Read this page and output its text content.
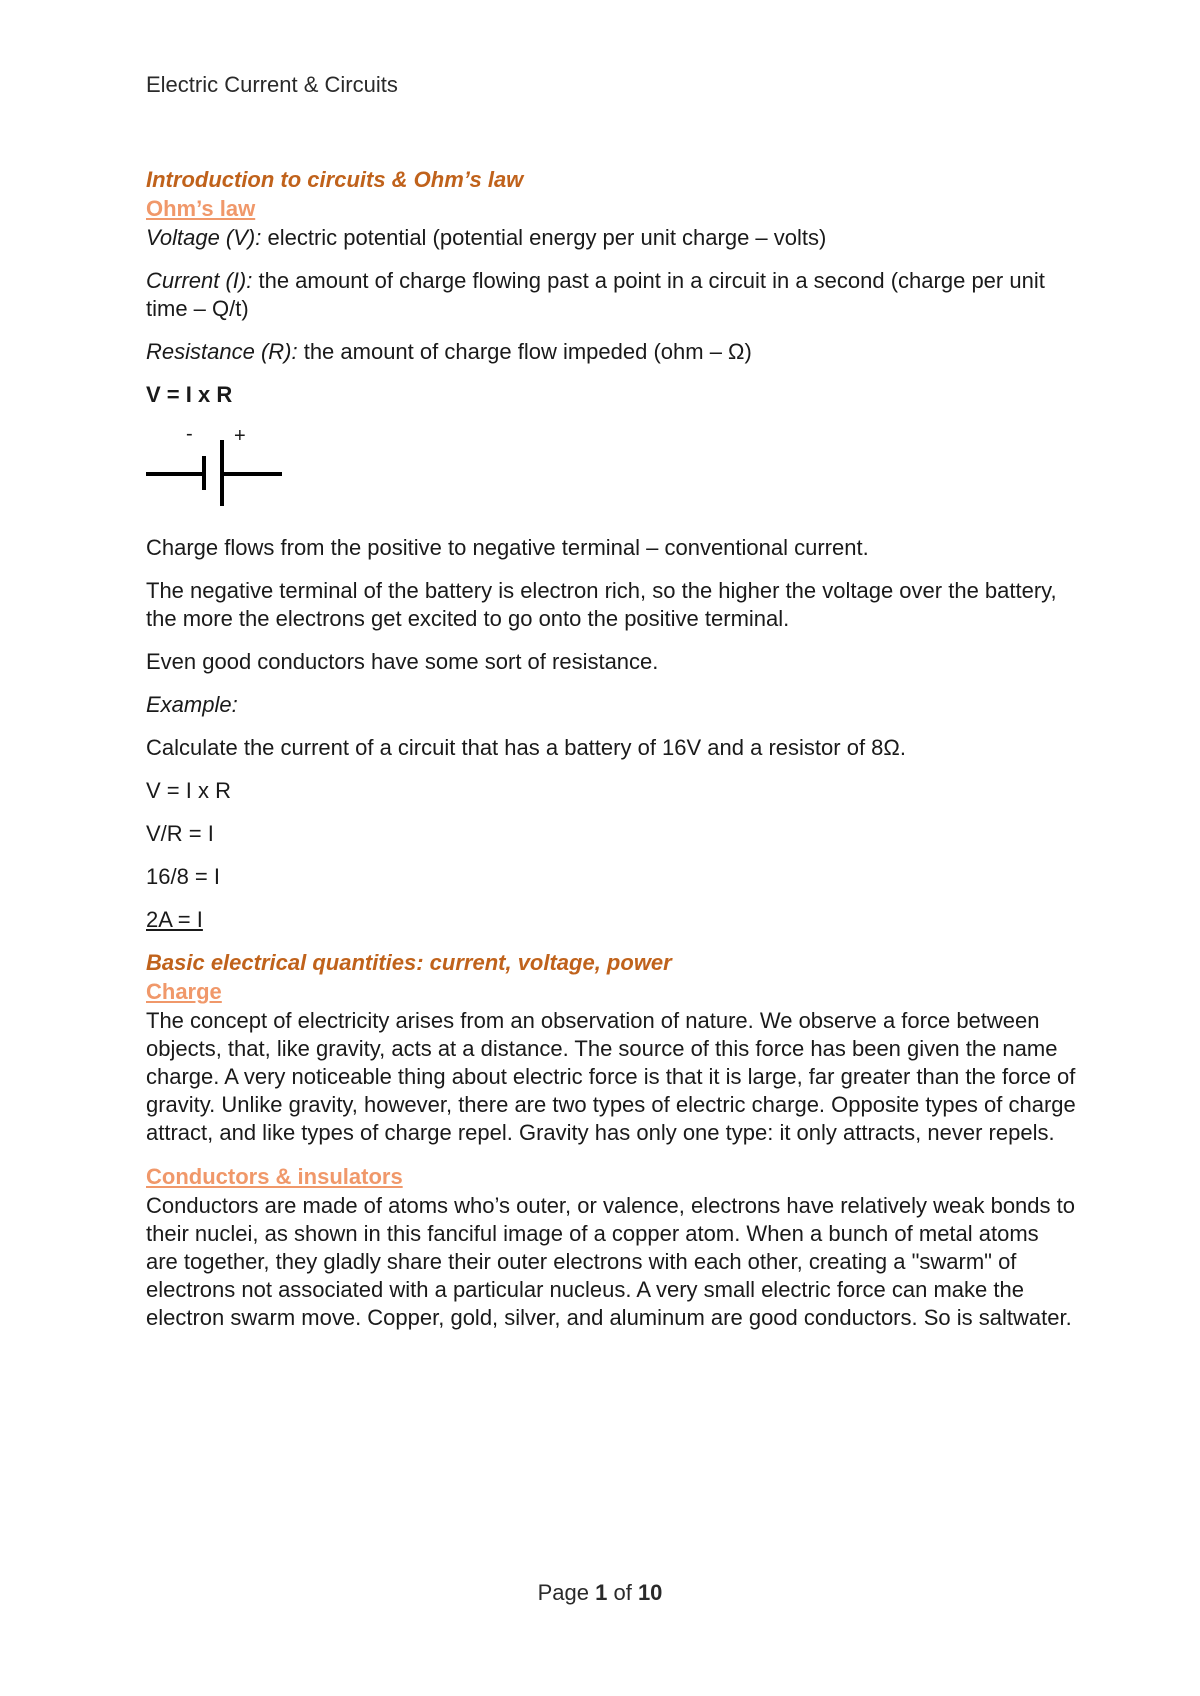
Electric Current & Circuits
Introduction to circuits & Ohm’s law
Ohm’s law

Voltage (V): electric potential (potential energy per unit charge – volts)

Current (I): the amount of charge flowing past a point in a circuit in a second (charge per unit time – Q/t)

Resistance (R): the amount of charge flow impeded (ohm – Ω)

V = I x R

- +

Charge flows from the positive to negative terminal – conventional current.

The negative terminal of the battery is electron rich, so the higher the voltage over the battery, the more the electrons get excited to go onto the positive terminal.

Even good conductors have some sort of resistance.

Example:

Calculate the current of a circuit that has a battery of 16V and a resistor of 8Ω.

V = I x R

V/R = I

16/8 = I

2A = I

Basic electrical quantities: current, voltage, power
Charge

The concept of electricity arises from an observation of nature. We observe a force between objects, that, like gravity, acts at a distance. The source of this force has been given the name charge. A very noticeable thing about electric force is that it is large, far greater than the force of gravity. Unlike gravity, however, there are two types of electric charge. Opposite types of charge attract, and like types of charge repel. Gravity has only one type: it only attracts, never repels.

Conductors & insulators

Conductors are made of atoms who’s outer, or valence, electrons have relatively weak bonds to their nuclei, as shown in this fanciful image of a copper atom. When a bunch of metal atoms are together, they gladly share their outer electrons with each other, creating a "swarm" of electrons not associated with a particular nucleus. A very small electric force can make the electron swarm move. Copper, gold, silver, and aluminum are good conductors. So is saltwater.

Page 1 of 10
